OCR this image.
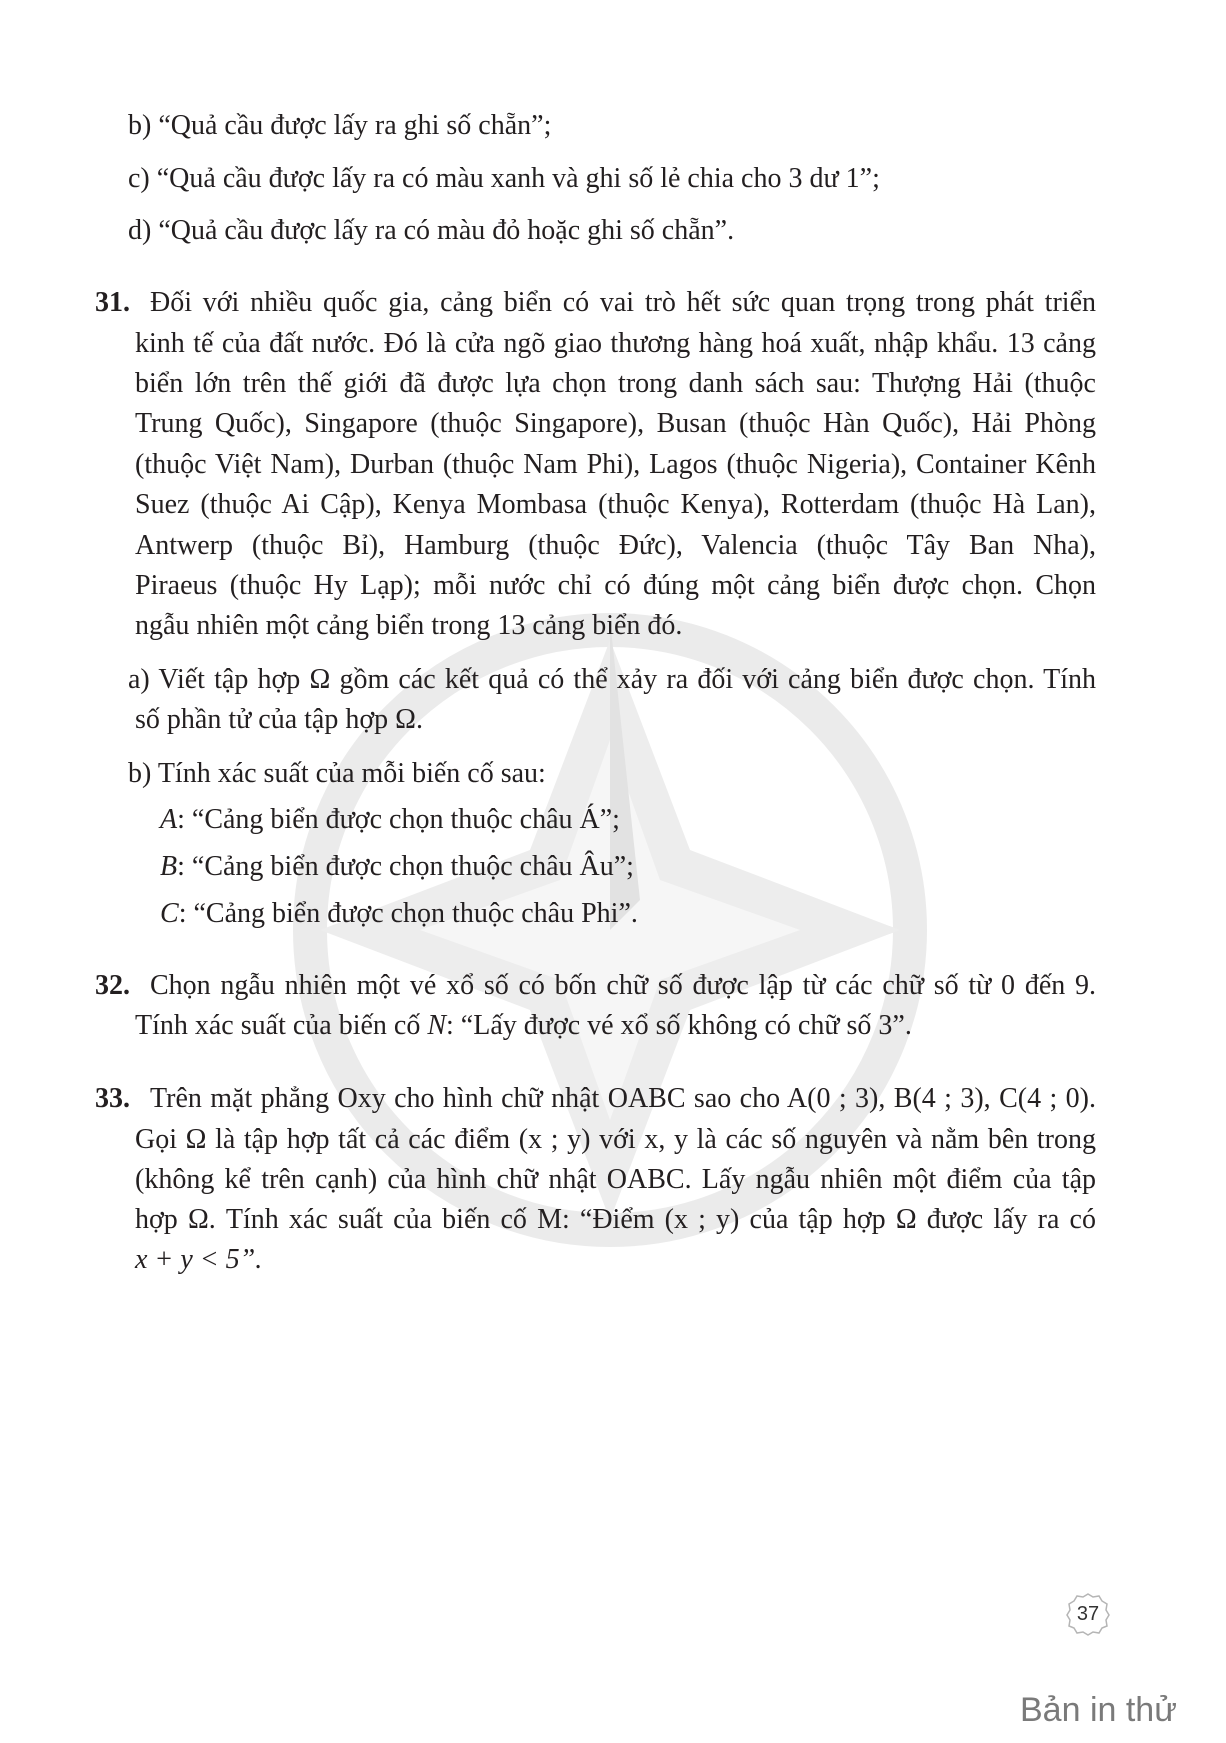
b) “Quả cầu được lấy ra ghi số chẵn”;
c) “Quả cầu được lấy ra có màu xanh và ghi số lẻ chia cho 3 dư 1”;
d) “Quả cầu được lấy ra có màu đỏ hoặc ghi số chẵn”.
31. Đối với nhiều quốc gia, cảng biển có vai trò hết sức quan trọng trong phát triển
kinh tế của đất nước. Đó là cửa ngõ giao thương hàng hoá xuất, nhập khẩu. 13 cảng
biển lớn trên thế giới đã được lựa chọn trong danh sách sau: Thượng Hải (thuộc
Trung Quốc), Singapore (thuộc Singapore), Busan (thuộc Hàn Quốc), Hải Phòng
(thuộc Việt Nam), Durban (thuộc Nam Phi), Lagos (thuộc Nigeria), Container Kênh
Suez (thuộc Ai Cập), Kenya Mombasa (thuộc Kenya), Rotterdam (thuộc Hà Lan),
Antwerp (thuộc Bỉ), Hamburg (thuộc Đức), Valencia (thuộc Tây Ban Nha),
Piraeus (thuộc Hy Lạp); mỗi nước chỉ có đúng một cảng biển được chọn. Chọn
ngẫu nhiên một cảng biển trong 13 cảng biển đó.
a) Viết tập hợp Ω gồm các kết quả có thể xảy ra đối với cảng biển được chọn. Tính
số phần tử của tập hợp Ω.
b) Tính xác suất của mỗi biến cố sau:
A: “Cảng biển được chọn thuộc châu Á”;
B: “Cảng biển được chọn thuộc châu Âu”;
C: “Cảng biển được chọn thuộc châu Phi”.
32. Chọn ngẫu nhiên một vé xổ số có bốn chữ số được lập từ các chữ số từ 0 đến 9.
Tính xác suất của biến cố N: “Lấy được vé xổ số không có chữ số 3”.
33. Trên mặt phẳng Oxy cho hình chữ nhật OABC sao cho A(0 ; 3), B(4 ; 3), C(4 ; 0).
Gọi Ω là tập hợp tất cả các điểm (x ; y) với x, y là các số nguyên và nằm bên trong
(không kể trên cạnh) của hình chữ nhật OABC. Lấy ngẫu nhiên một điểm của tập
hợp Ω. Tính xác suất của biến cố M: “Điểm (x ; y) của tập hợp Ω được lấy ra có
x + y < 5”.
37
Bản in thử
